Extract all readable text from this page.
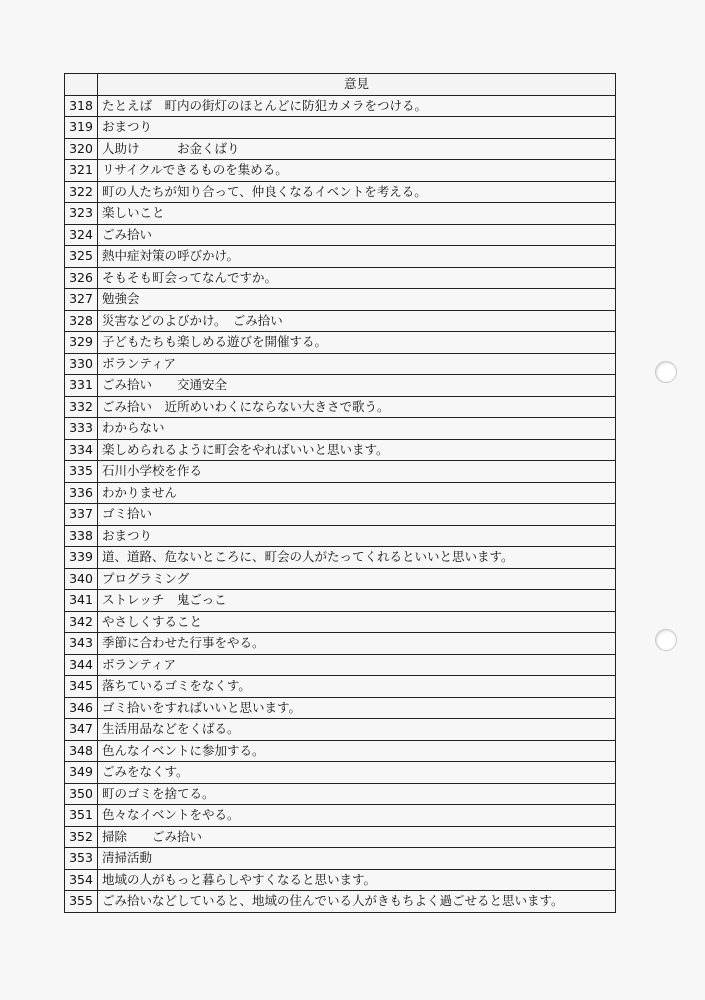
	意見
318	たとえば　町内の街灯のほとんどに防犯カメラをつける。
319	おまつり
320	人助け　　　お金くばり
321	リサイクルできるものを集める。
322	町の人たちが知り合って、仲良くなるイベントを考える。
323	楽しいこと
324	ごみ拾い
325	熱中症対策の呼びかけ。
326	そもそも町会ってなんですか。
327	勉強会
328	災害などのよびかけ。　ごみ拾い
329	子どもたちも楽しめる遊びを開催する。
330	ボランティア
331	ごみ拾い　　交通安全
332	ごみ拾い　近所めいわくにならない大きさで歌う。
333	わからない
334	楽しめられるように町会をやればいいと思います。
335	石川小学校を作る
336	わかりません
337	ゴミ拾い
338	おまつり
339	道、道路、危ないところに、町会の人がたってくれるといいと思います。
340	プログラミング
341	ストレッチ　鬼ごっこ
342	やさしくすること
343	季節に合わせた行事をやる。
344	ボランティア
345	落ちているゴミをなくす。
346	ゴミ拾いをすればいいと思います。
347	生活用品などをくばる。
348	色んなイベントに参加する。
349	ごみをなくす。
350	町のゴミを捨てる。
351	色々なイベントをやる。
352	掃除　　ごみ拾い
353	清掃活動
354	地域の人がもっと暮らしやすくなると思います。
355	ごみ拾いなどしていると、地域の住んでいる人がきもちよく過ごせると思います。
